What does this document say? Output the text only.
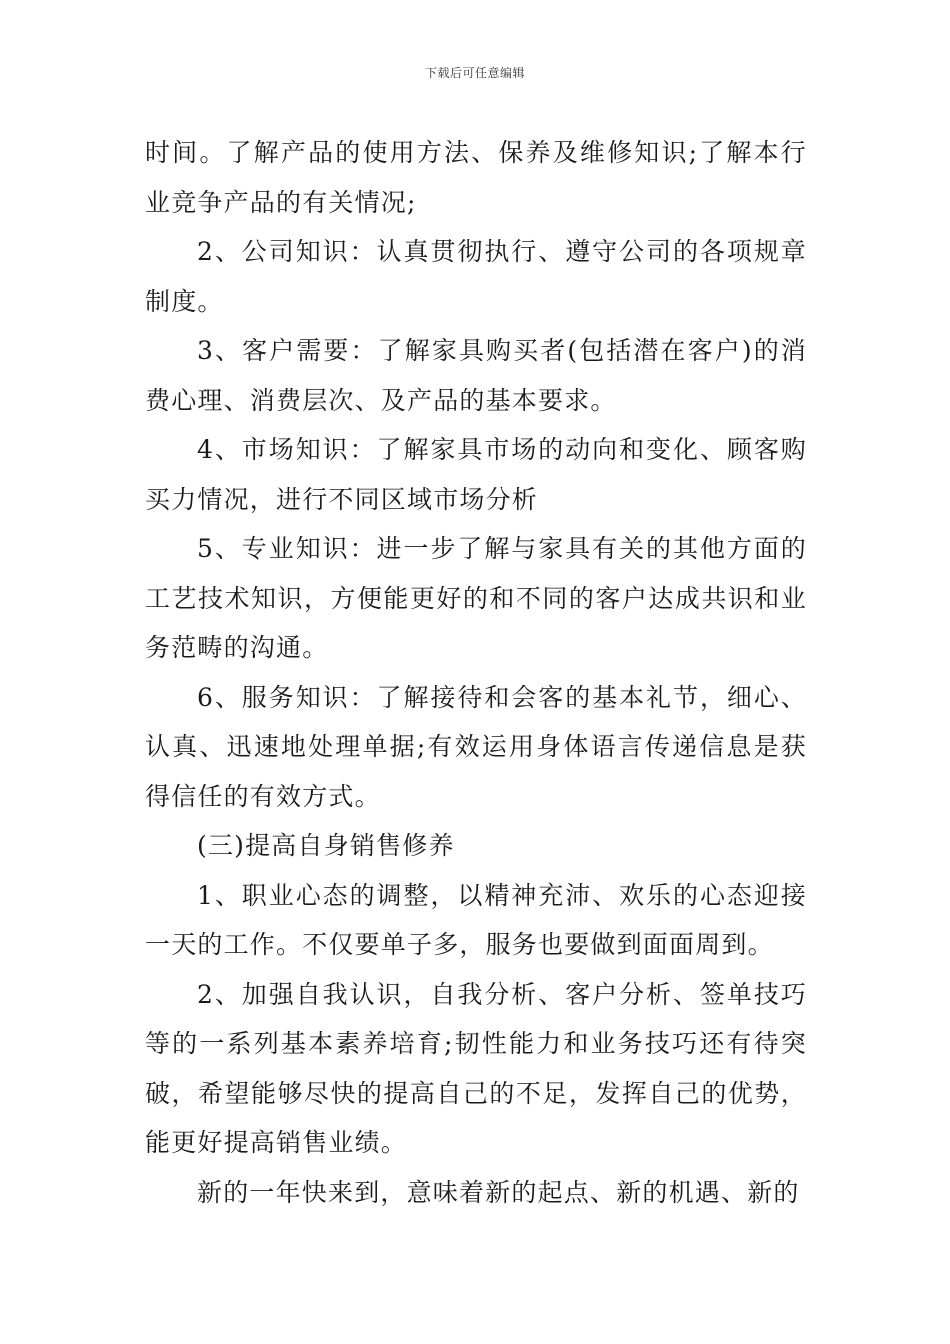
下载后可任意编辑

时间。了解产品的使用方法、保养及维修知识;了解本行业竞争产品的有关情况;

2、公司知识：认真贯彻执行、遵守公司的各项规章制度。

3、客户需要：了解家具购买者(包括潜在客户)的消费心理、消费层次、及产品的基本要求。

4、市场知识：了解家具市场的动向和变化、顾客购买力情况，进行不同区域市场分析

5、专业知识：进一步了解与家具有关的其他方面的工艺技术知识，方便能更好的和不同的客户达成共识和业务范畴的沟通。

6、服务知识：了解接待和会客的基本礼节，细心、认真、迅速地处理单据;有效运用身体语言传递信息是获得信任的有效方式。

(三)提高自身销售修养

1、职业心态的调整，以精神充沛、欢乐的心态迎接一天的工作。不仅要单子多，服务也要做到面面周到。

2、加强自我认识，自我分析、客户分析、签单技巧等的一系列基本素养培育;韧性能力和业务技巧还有待突破，希望能够尽快的提高自己的不足，发挥自己的优势，能更好提高销售业绩。

新的一年快来到，意味着新的起点、新的机遇、新的
